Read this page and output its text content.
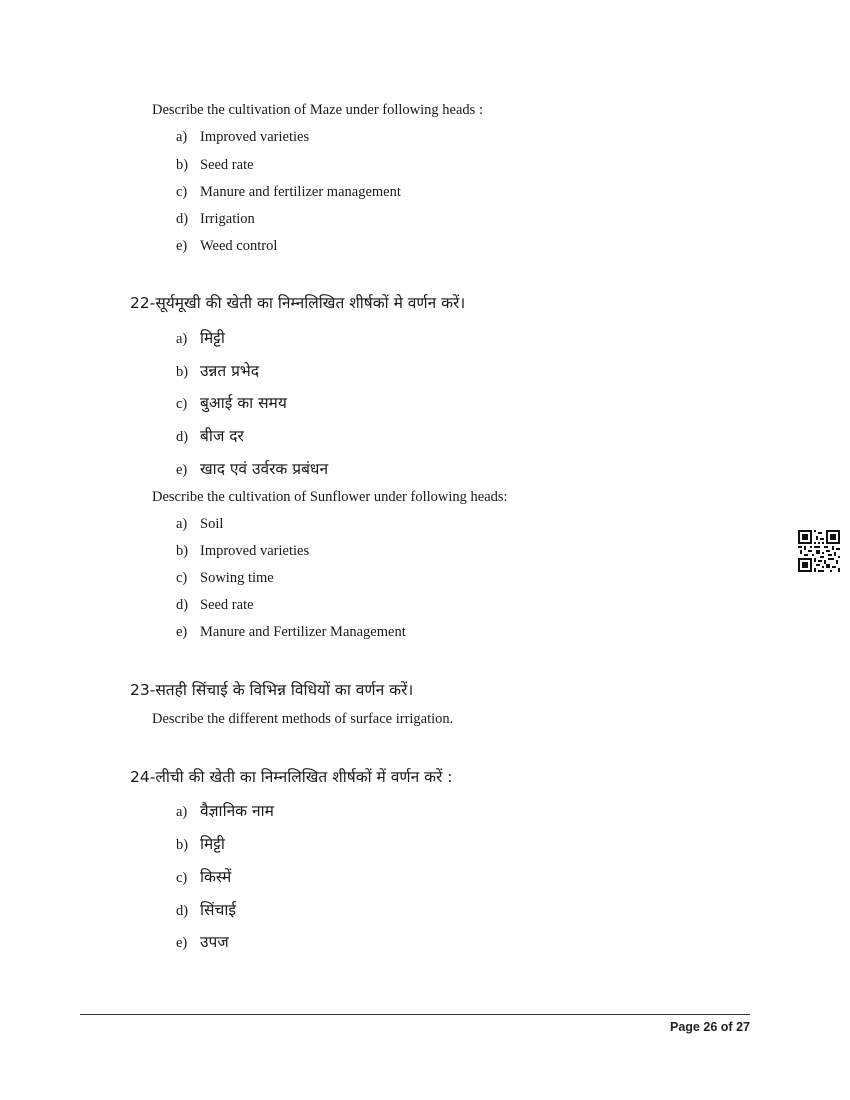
Describe the cultivation of Maze under following heads :
a) Improved varieties
b) Seed rate
c) Manure and fertilizer management
d) Irrigation
e) Weed control
22-सूर्यमूखी की खेती का निम्नलिखित शीर्षकों मे वर्णन करें।
a) मिट्टी
b) उन्नत प्रभेद
c) बुआई का समय
d) बीज दर
e) खाद एवं उर्वरक प्रबंधन
Describe the cultivation of Sunflower under following heads:
a) Soil
b) Improved varieties
c) Sowing time
d) Seed rate
e) Manure and Fertilizer Management
23-सतही सिंचाई के विभिन्न विधियों का वर्णन करें।
Describe the different methods of surface irrigation.
24-लीची की खेती का निम्नलिखित शीर्षकों में वर्णन करें :
a) वैज्ञानिक नाम
b) मिट्टी
c) किस्में
d) सिंचाई
e) उपज
Page 26 of 27
